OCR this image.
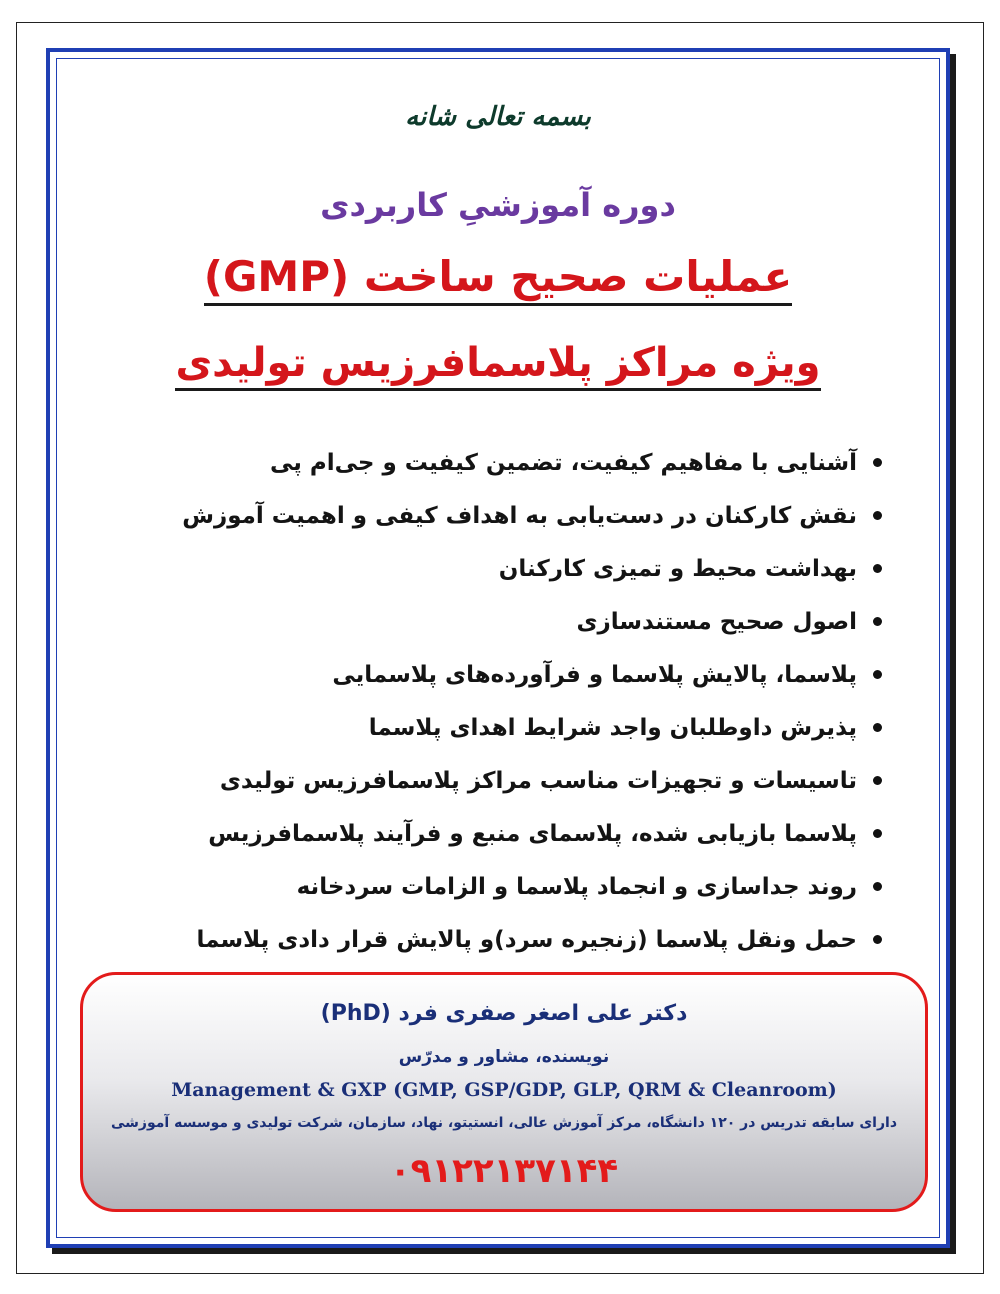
بسمه تعالی شانه
دوره آموزشیِ کاربردی
عملیات صحیح ساخت (GMP)
ویژه مراکز پلاسمافرزیس تولیدی
آشنایی با مفاهیم کیفیت، تضمین کیفیت و جی‌ام پی
نقش کارکنان در دست‌یابی به اهداف کیفی و اهمیت آموزش
بهداشت محیط و تمیزی کارکنان
اصول صحیح مستندسازی
پلاسما، پالایش پلاسما و فرآورده‌های پلاسمایی
پذیرش داوطلبان واجد شرایط اهدای پلاسما
تاسیسات و تجهیزات مناسب مراکز پلاسمافرزیس تولیدی
پلاسما بازیابی شده، پلاسمای منبع و فرآیند پلاسمافرزیس
روند جداسازی و انجماد پلاسما و الزامات سردخانه
حمل ونقل پلاسما (زنجیره سرد)و پالایش قرار دادی پلاسما
دکتر علی اصغر صفری فرد (PhD)
نویسنده، مشاور و مدرّس
Management & GXP (GMP, GSP/GDP, GLP, QRM & Cleanroom)
دارای سابقه تدریس در ۱۲۰ دانشگاه، مرکز آموزش عالی، انستیتو، نهاد، سازمان، شرکت تولیدی و موسسه آموزشی
۰۹۱۲۲۱۳۷۱۴۴
